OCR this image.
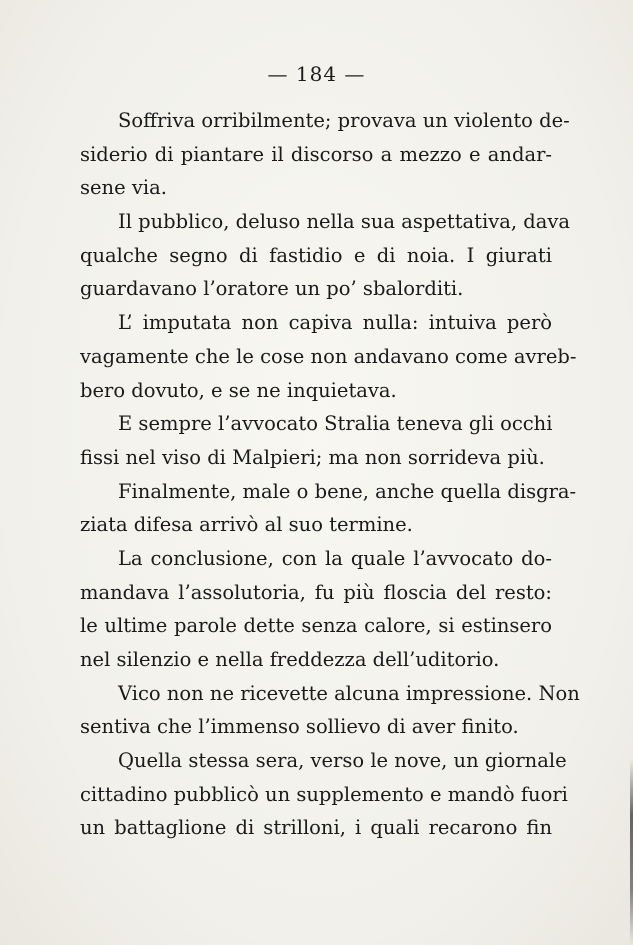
— 184 —
Soffriva orribilmente; provava un violento de-
siderio di piantare il discorso a mezzo e andar-
sene via.
Il pubblico, deluso nella sua aspettativa, dava
qualche segno di fastidio e di noia. I giurati
guardavano l’oratore un po’ sbalorditi.
L’ imputata non capiva nulla: intuiva però
vagamente che le cose non andavano come avreb-
bero dovuto, e se ne inquietava.
E sempre l’avvocato Stralia teneva gli occhi
fissi nel viso di Malpieri; ma non sorrideva più.
Finalmente, male o bene, anche quella disgra-
ziata difesa arrivò al suo termine.
La conclusione, con la quale l’avvocato do-
mandava l’assolutoria, fu più floscia del resto:
le ultime parole dette senza calore, si estinsero
nel silenzio e nella freddezza dell’uditorio.
Vico non ne ricevette alcuna impressione. Non
sentiva che l’immenso sollievo di aver finito.
Quella stessa sera, verso le nove, un giornale
cittadino pubblicò un supplemento e mandò fuori
un battaglione di strilloni, i quali recarono fin
